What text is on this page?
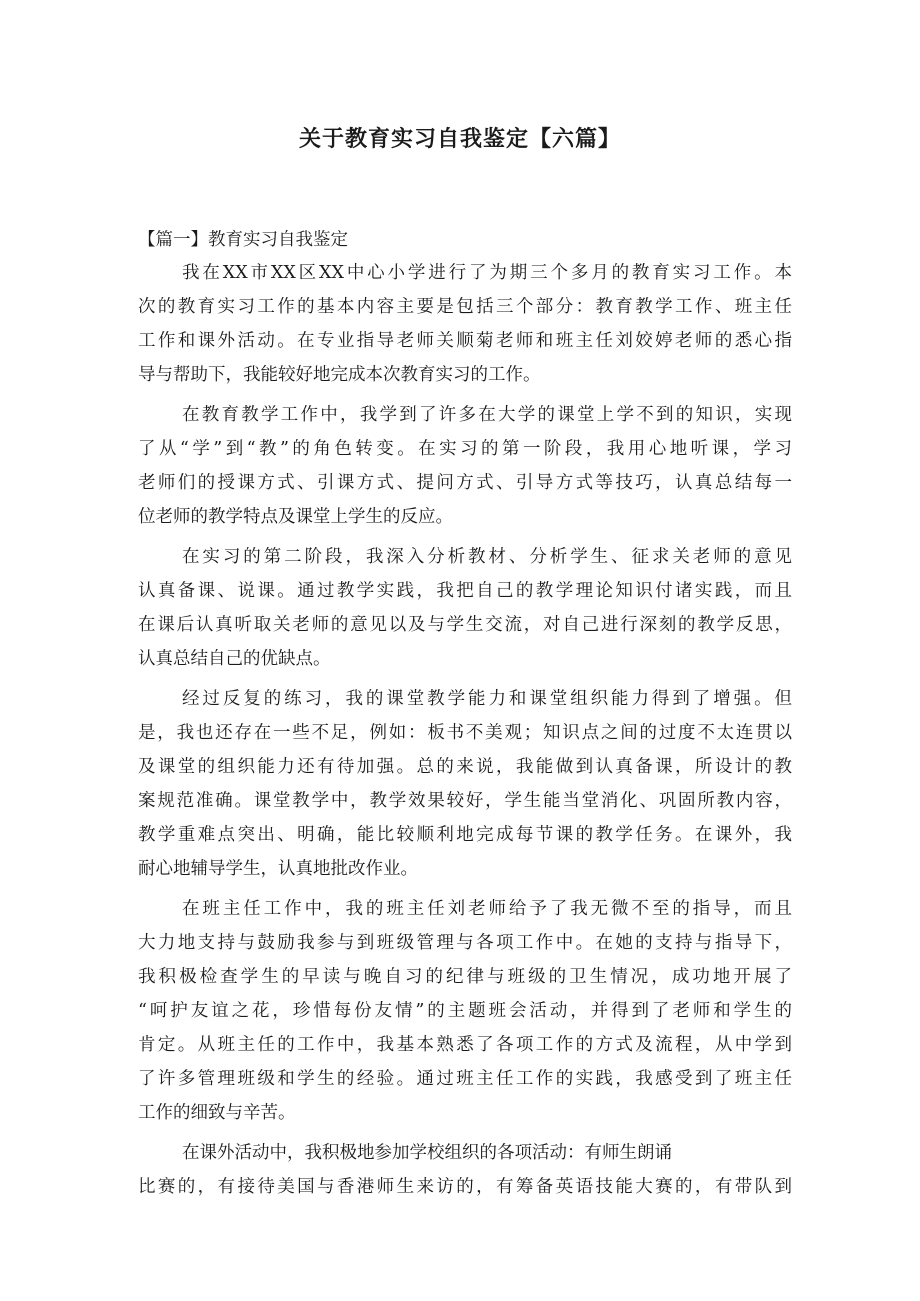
关于教育实习自我鉴定【六篇】
【篇一】教育实习自我鉴定
我在XX市XX区XX中心小学进行了为期三个多月的教育实习工作。本
次的教育实习工作的基本内容主要是包括三个部分：教育教学工作、班主任
工作和课外活动。在专业指导老师关顺菊老师和班主任刘姣婷老师的悉心指
导与帮助下，我能较好地完成本次教育实习的工作。
在教育教学工作中，我学到了许多在大学的课堂上学不到的知识，实现
了从“学”到“教”的角色转变。在实习的第一阶段，我用心地听课，学习
老师们的授课方式、引课方式、提问方式、引导方式等技巧，认真总结每一
位老师的教学特点及课堂上学生的反应。
在实习的第二阶段，我深入分析教材、分析学生、征求关老师的意见
认真备课、说课。通过教学实践，我把自己的教学理论知识付诸实践，而且
在课后认真听取关老师的意见以及与学生交流，对自己进行深刻的教学反思，
认真总结自己的优缺点。
经过反复的练习，我的课堂教学能力和课堂组织能力得到了增强。但
是，我也还存在一些不足，例如：板书不美观；知识点之间的过度不太连贯以
及课堂的组织能力还有待加强。总的来说，我能做到认真备课，所设计的教
案规范准确。课堂教学中，教学效果较好，学生能当堂消化、巩固所教内容，
教学重难点突出、明确，能比较顺利地完成每节课的教学任务。在课外，我
耐心地辅导学生，认真地批改作业。
在班主任工作中，我的班主任刘老师给予了我无微不至的指导，而且
大力地支持与鼓励我参与到班级管理与各项工作中。在她的支持与指导下，
我积极检查学生的早读与晚自习的纪律与班级的卫生情况，成功地开展了
“呵护友谊之花，珍惜每份友情”的主题班会活动，并得到了老师和学生的
肯定。从班主任的工作中，我基本熟悉了各项工作的方式及流程，从中学到
了许多管理班级和学生的经验。通过班主任工作的实践，我感受到了班主任
工作的细致与辛苦。
在课外活动中，我积极地参加学校组织的各项活动：有师生朗诵
比赛的，有接待美国与香港师生来访的，有筹备英语技能大赛的，有带队到
